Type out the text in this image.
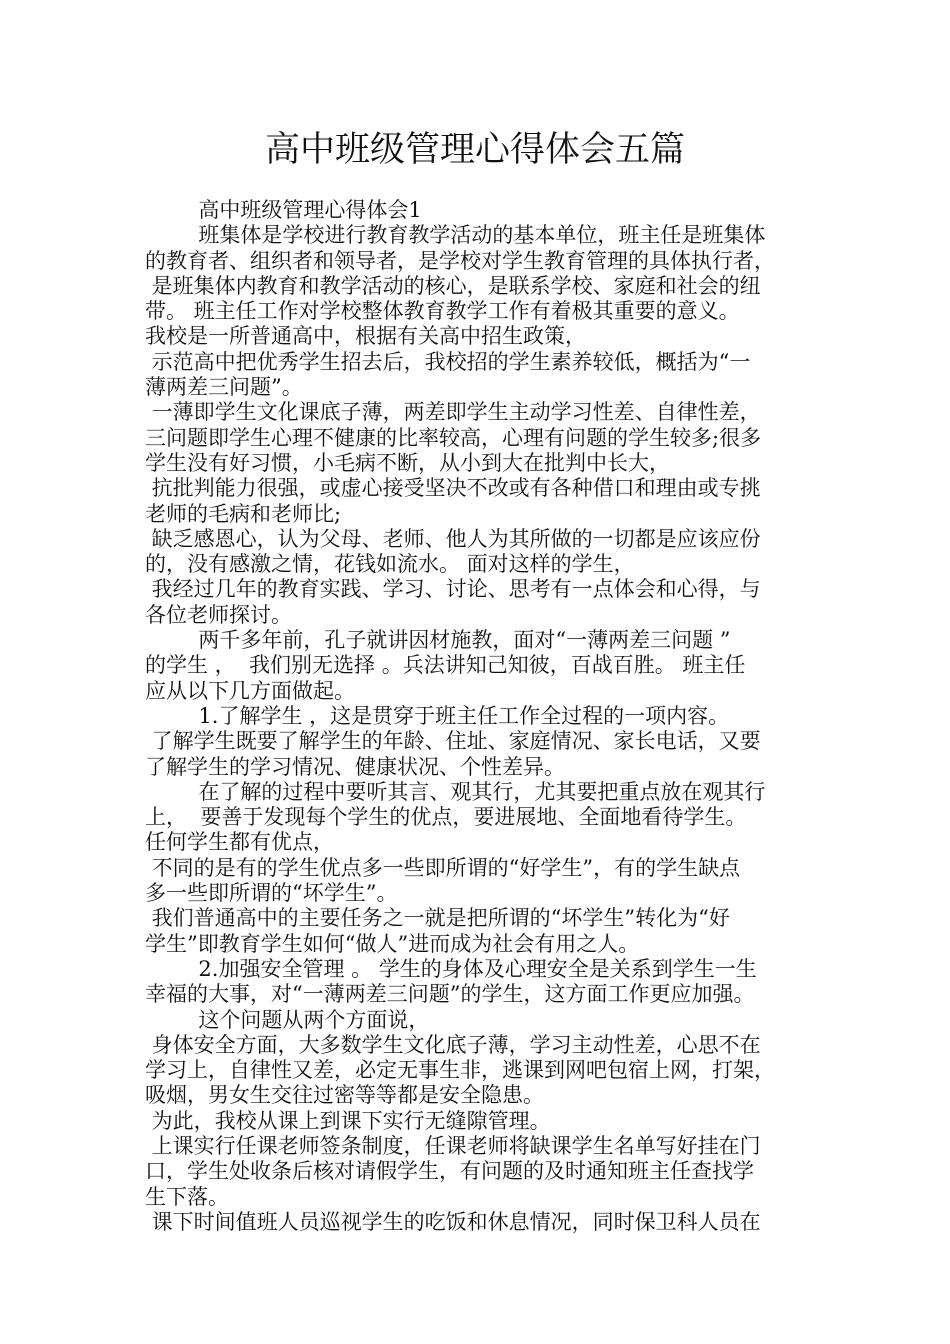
高中班级管理心得体会五篇
高中班级管理心得体会1
班集体是学校进行教育教学活动的基本单位，班主任是班集体
的教育者、组织者和领导者，是学校对学生教育管理的具体执行者，
是班集体内教育和教学活动的核心，是联系学校、家庭和社会的纽
带。 班主任工作对学校整体教育教学工作有着极其重要的意义。
我校是一所普通高中，根据有关高中招生政策，
示范高中把优秀学生招去后，我校招的学生素养较低，概括为“一
薄两差三问题”。
一薄即学生文化课底子薄，两差即学生主动学习性差、自律性差，
三问题即学生心理不健康的比率较高，心理有问题的学生较多;很多
学生没有好习惯，小毛病不断，从小到大在批判中长大，
抗批判能力很强，或虚心接受坚决不改或有各种借口和理由或专挑
老师的毛病和老师比;
缺乏感恩心，认为父母、老师、他人为其所做的一切都是应该应份
的，没有感激之情，花钱如流水。 面对这样的学生，
我经过几年的教育实践、学习、讨论、思考有一点体会和心得，与
各位老师探讨。
两千多年前，孔子就讲因材施教，面对“一薄两差三问题 ”
的学生 ，  我们别无选择 。兵法讲知己知彼，百战百胜。 班主任
应从以下几方面做起。
1.了解学生 ，这是贯穿于班主任工作全过程的一项内容。
了解学生既要了解学生的年龄、住址、家庭情况、家长电话，又要
了解学生的学习情况、健康状况、个性差异。
在了解的过程中要听其言、观其行，尤其要把重点放在观其行
上，  要善于发现每个学生的优点，要进展地、全面地看待学生。
任何学生都有优点，
不同的是有的学生优点多一些即所谓的“好学生”，有的学生缺点
多一些即所谓的“坏学生”。
我们普通高中的主要任务之一就是把所谓的“坏学生”转化为“好
学生”即教育学生如何“做人”进而成为社会有用之人。
2.加强安全管理 。 学生的身体及心理安全是关系到学生一生
幸福的大事，对“一薄两差三问题”的学生，这方面工作更应加强。
这个问题从两个方面说，
身体安全方面，大多数学生文化底子薄，学习主动性差，心思不在
学习上，自律性又差，必定无事生非，逃课到网吧包宿上网，打架，
吸烟，男女生交往过密等等都是安全隐患。
为此，我校从课上到课下实行无缝隙管理。
上课实行任课老师签条制度，任课老师将缺课学生名单写好挂在门
口，学生处收条后核对请假学生，有问题的及时通知班主任查找学
生下落。
课下时间值班人员巡视学生的吃饭和休息情况，同时保卫科人员在
